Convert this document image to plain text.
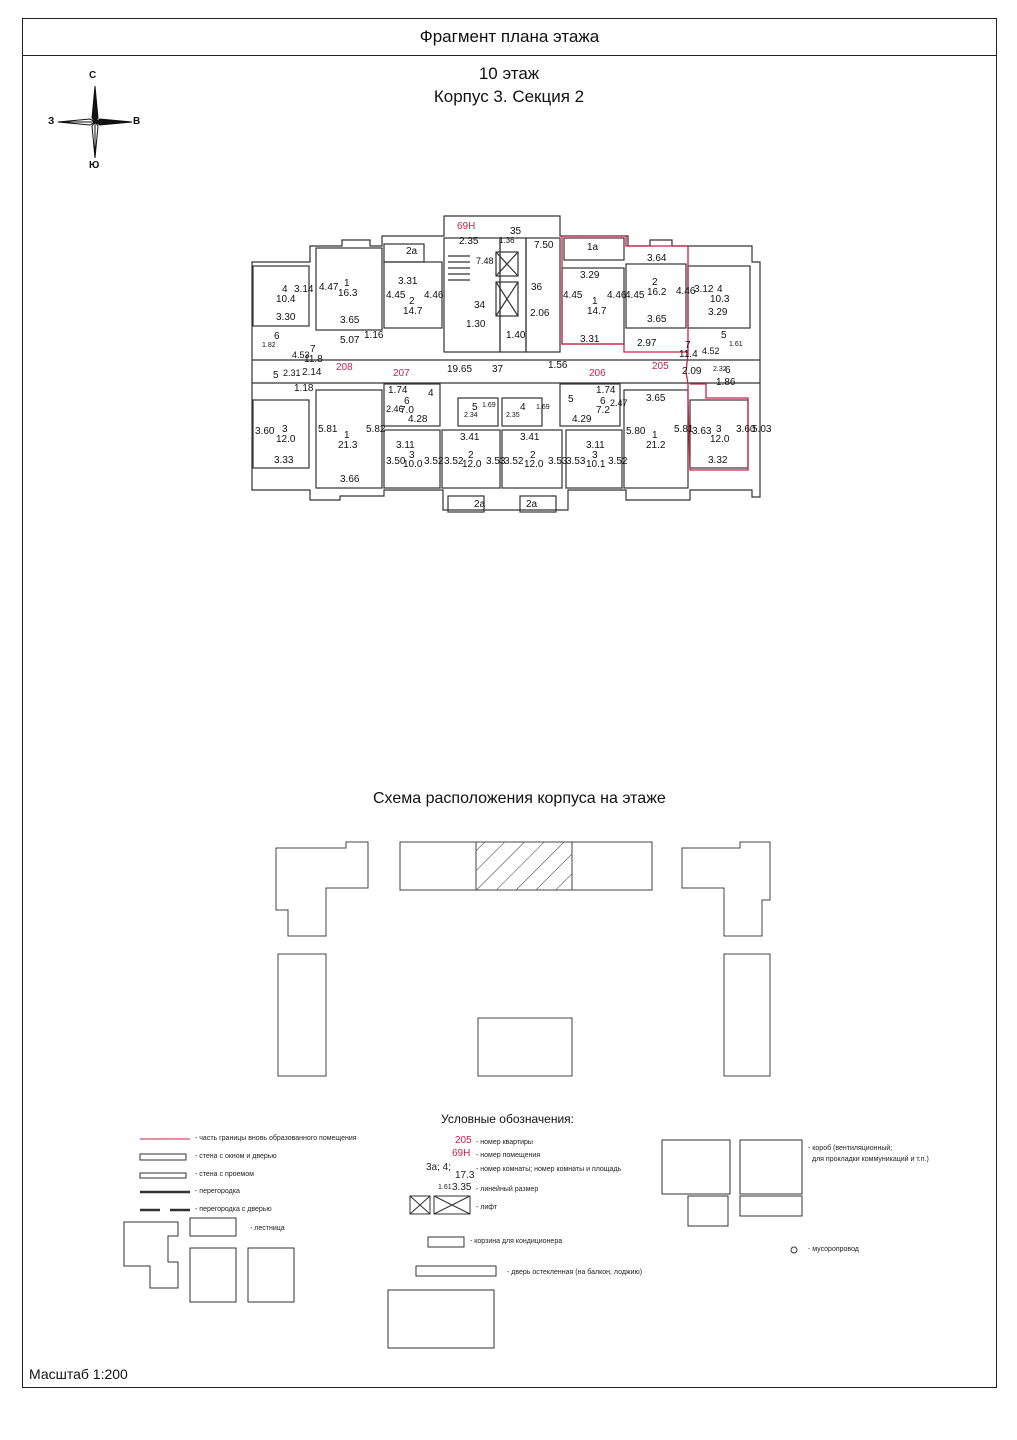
Фрагмент плана этажа
С
Ю
З	В
10 этаж
Корпус 3. Секция 2
208
207	206
205
69Н	35
2.35	1.36 7.50
7.48
36
34
2.06
1.30
1.40
19.65 37	1.56
1а
2а
2а	2а
4
10.4
3.14
3.30
1
16.3
4.47
3.65
5.07 1.16
3.31
2
14.7
4.45 4.46
3.29
1
14.7
4.45 4.46
4.45
3.31
3.64
2
16.2 4.46
3.65
2.97
4
10.3
3.12
3.29
6
1.82	7
11.8
2.14
4.53
5 2.31
1.18
7
11.4
2.09
4.52
5
1.61
6
2.32
1.86
3
12.0
3.60
3.33
1
21.3
5.81	5.82
3.66
1.74 4
6
7.0
2.46
4.28
5
2.34
1.69
3.41
4
2.35
1.69
3.41
5
1.74
6
7.2
2.47
4.29
3.65
1
21.2
5.80	5.81 3
12.0
3.63 3.60
3.32
5.03
3.11
3
10.0
3.50 3.52
2
12.0
3.52 3.53
2
12.0
3.52 3.53
3.11
3
10.1
3.53 3.52
Схема расположения корпуса на этаже
Условные обозначения:
- часть границы вновь образованного помещения
- стена с окном и дверью
- стена с проемом
- перегородка
- перегородка с дверью
- лестница
205
69Н
3а; 4;
17.3
1.61 3.35
- номер квартиры
- номер помещения
- номер комнаты; номер комнаты и площадь
- линейный размер
- лифт
- корзина для кондиционера
- дверь остекленная (на балкон, лоджию)
- короб (вентиляционный;
для прокладки коммуникаций и т.п.)
- мусоропровод
Масштаб 1:200
